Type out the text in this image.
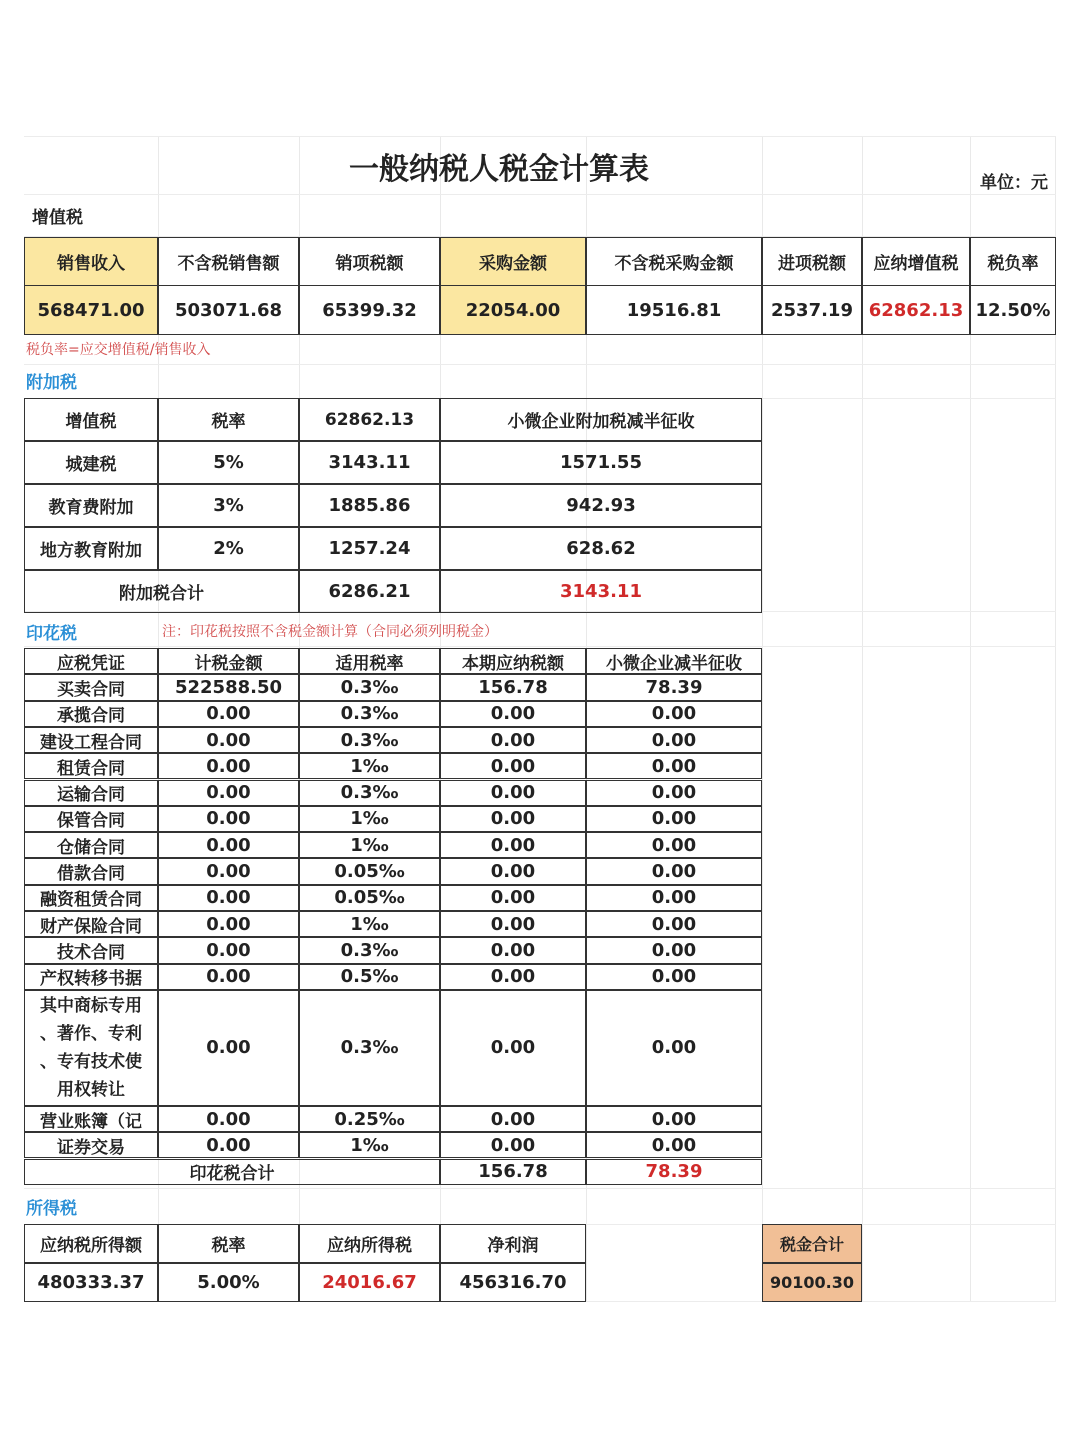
一般纳税人税金计算表	单位：元
增值税
销售收入	不含税销售额	销项税额	采购金额	不含税采购金额	进项税额	应纳增值税	税负率
568471.00	503071.68	65399.32	22054.00	19516.81	2537.19 62862.13 12.50%
税负率=应交增值税/销售收入
附加税
增值税	税率	62862.13	小微企业附加税减半征收
城建税	5%	3143.11	1571.55
教育费附加	3%	1885.86	942.93
地方教育附加	2%	1257.24	628.62
附加税合计	6286.21	3143.11
印花税	注：印花税按照不含税金额计算（合同必须列明税金）
应税凭证	计税金额	适用税率	本期应纳税额	小微企业减半征收
买卖合同	522588.50	0.3‰	156.78	78.39
承揽合同	0.00	0.3‰	0.00	0.00
建设工程合同	0.00	0.3‰	0.00	0.00
租赁合同	0.00	1‰	0.00	0.00
运输合同	0.00	0.3‰	0.00	0.00
保管合同	0.00	1‰	0.00	0.00
仓储合同	0.00	1‰	0.00	0.00
借款合同	0.00	0.05‰	0.00	0.00
融资租赁合同	0.00	0.05‰	0.00	0.00
财产保险合同	0.00	1‰	0.00	0.00
技术合同	0.00	0.3‰	0.00	0.00
产权转移书据	0.00	0.5‰	0.00	0.00
其中商标专用
、著作、专利
、专有技术使
用权转让
0.00	0.3‰	0.00	0.00
营业账簿（记	0.00	0.25‰	0.00	0.00
证券交易	0.00	1‰	0.00	0.00
印花税合计	156.78	78.39
所得税
应纳税所得额	税率	应纳所得税	净利润
480333.37	5.00%	24016.67	456316.70
税金合计
90100.30
